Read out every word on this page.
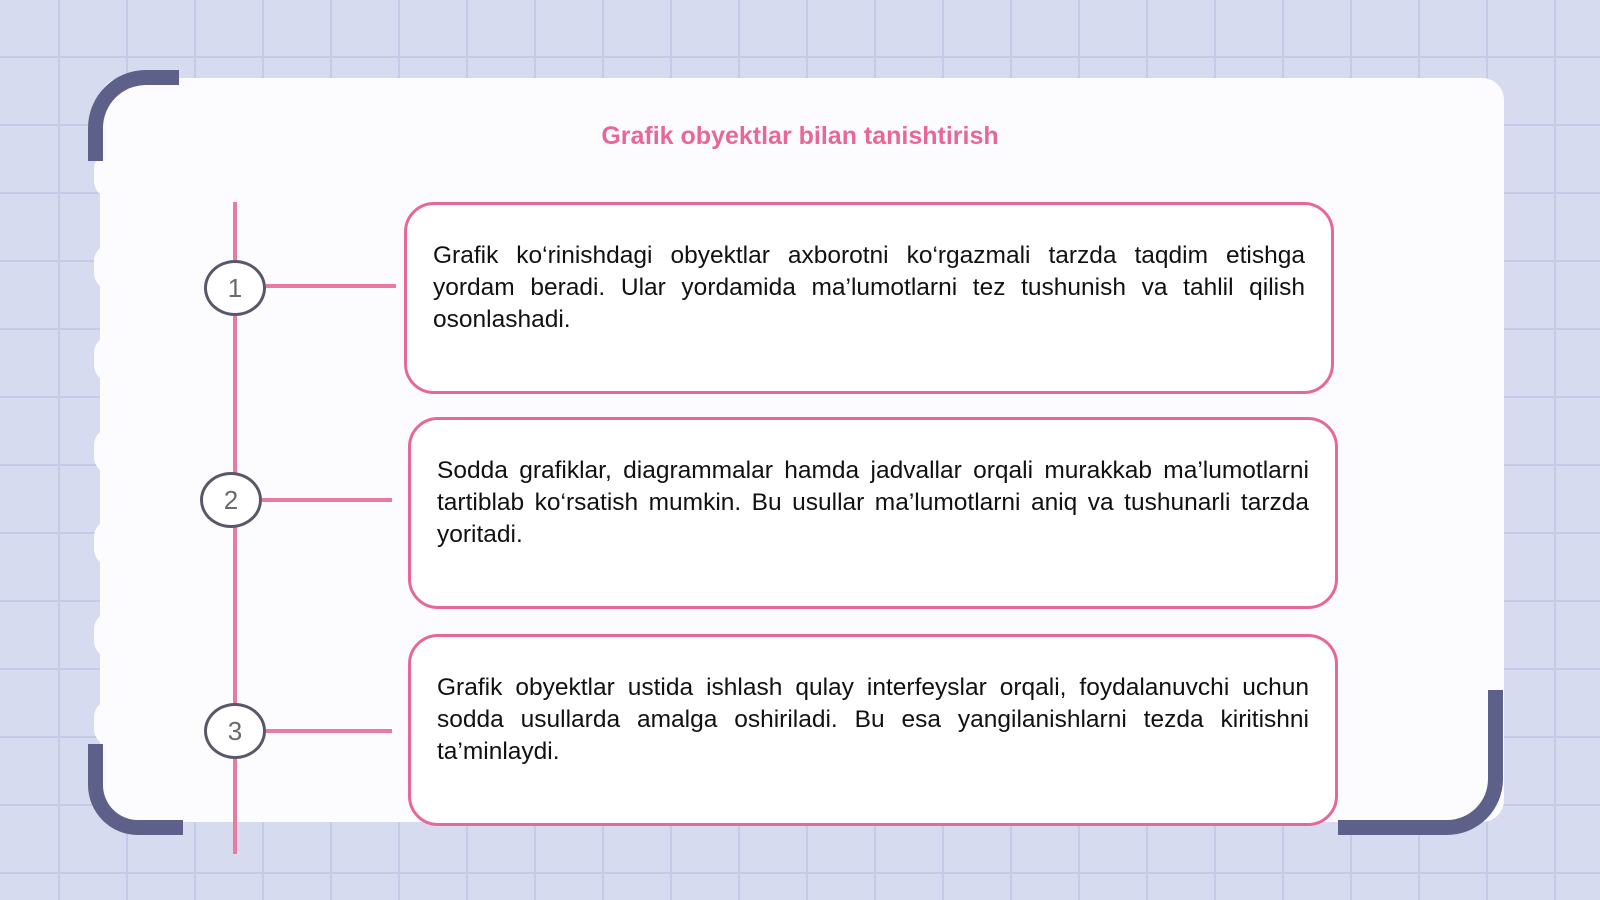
Grafik obyektlar bilan tanishtirish
1
2
3

Grafik ko‘rinishdagi obyektlar axborotni ko‘rgazmali tarzda taqdim etishga yordam beradi. Ular yordamida ma’lumotlarni tez tushunish va tahlil qilish osonlashadi.

Sodda grafiklar, diagrammalar hamda jadvallar orqali murakkab ma’lumotlarni tartiblab ko‘rsatish mumkin. Bu usullar ma’lumotlarni aniq va tushunarli tarzda yoritadi.

Grafik obyektlar ustida ishlash qulay interfeyslar orqali, foydalanuvchi uchun sodda usullarda amalga oshiriladi. Bu esa yangilanishlarni tezda kiritishni ta’minlaydi.
